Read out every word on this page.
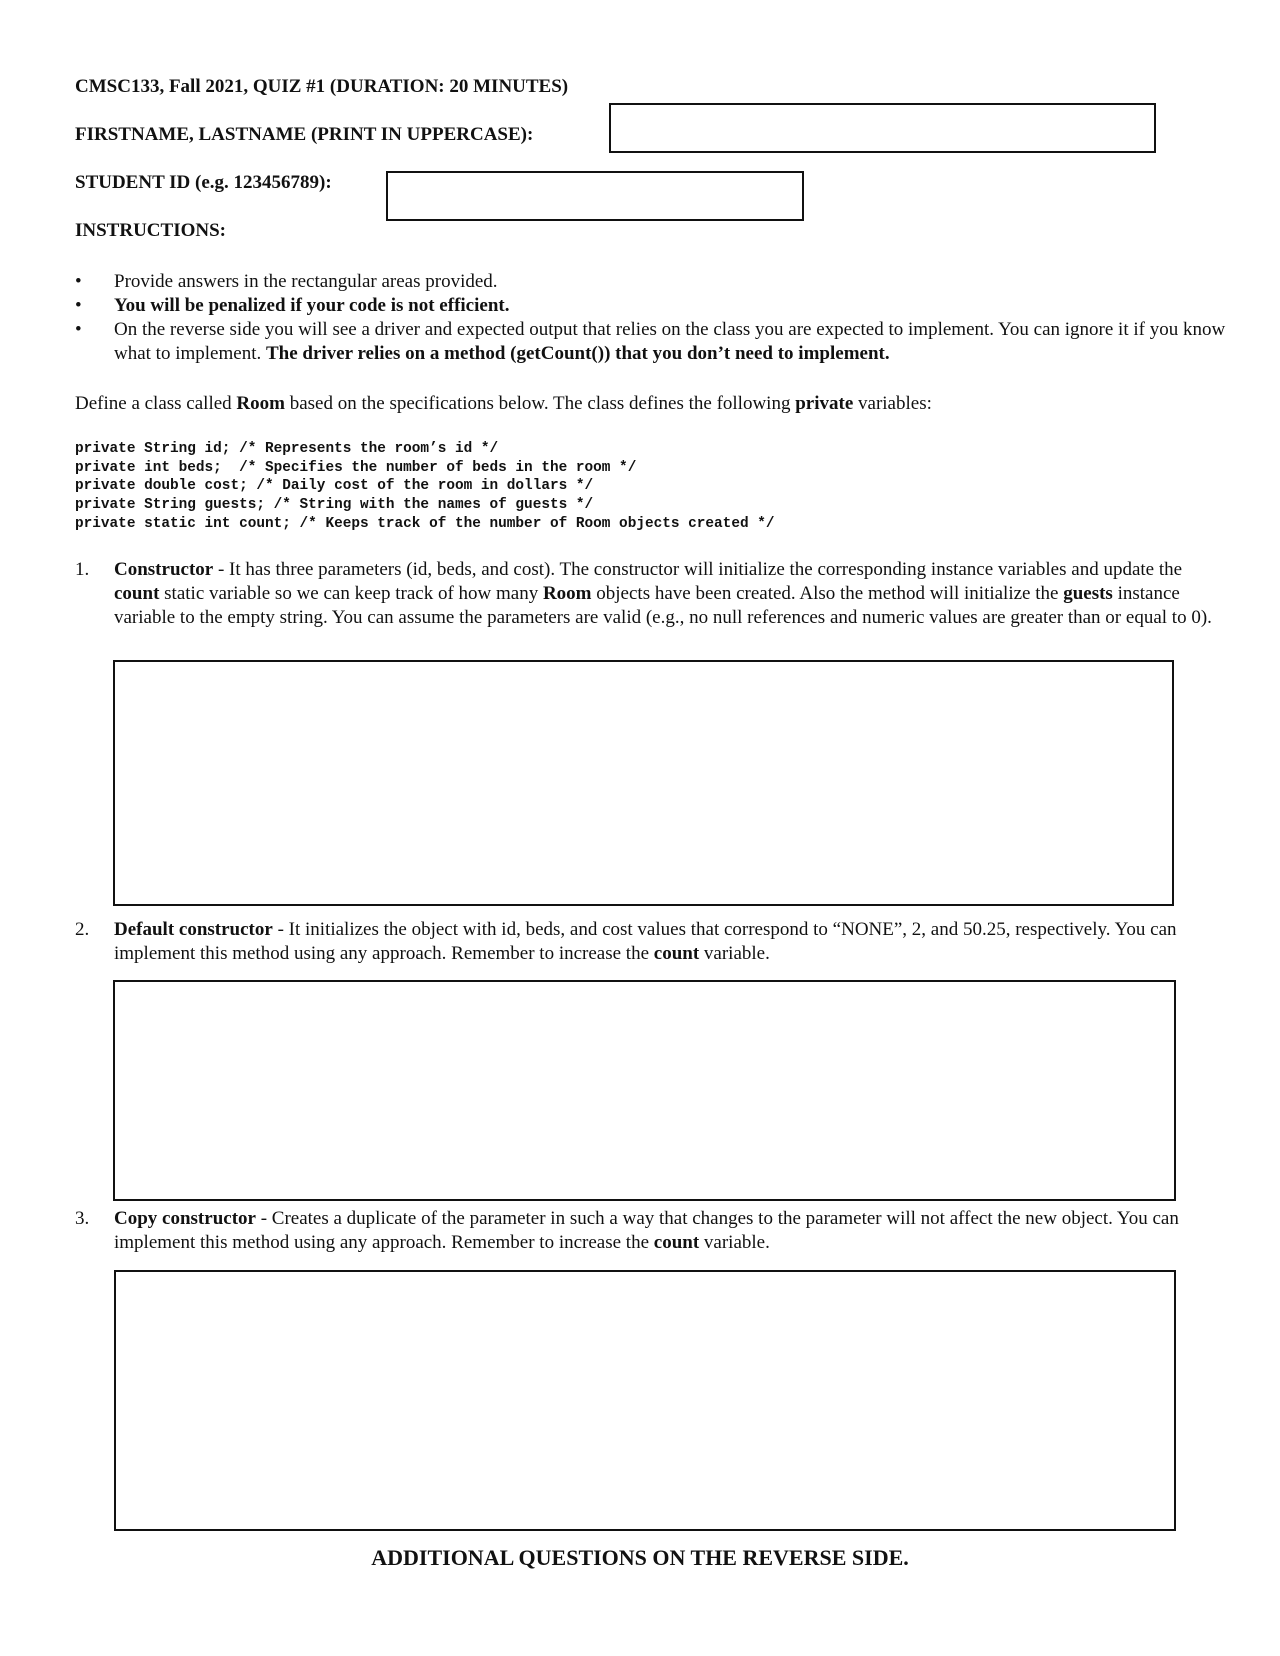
CMSC133, Fall 2021, QUIZ #1 (DURATION: 20 MINUTES)
FIRSTNAME, LASTNAME (PRINT IN UPPERCASE):
STUDENT ID (e.g. 123456789):
INSTRUCTIONS:
•	Provide answers in the rectangular areas provided.
•	You will be penalized if your code is not efficient.
•	On the reverse side you will see a driver and expected output that relies on the class you are expected to implement. You can ignore it if you know what to implement. The driver relies on a method (getCount()) that you don’t need to implement.
Define a class called Room based on the specifications below. The class defines the following private variables:
private String id; /* Represents the room’s id */
private int beds;  /* Specifies the number of beds in the room */
private double cost; /* Daily cost of the room in dollars */
private String guests; /* String with the names of guests */
private static int count; /* Keeps track of the number of Room objects created */
1. Constructor - It has three parameters (id, beds, and cost). The constructor will initialize the corresponding instance variables and update the count static variable so we can keep track of how many Room objects have been created. Also the method will initialize the guests instance variable to the empty string. You can assume the parameters are valid (e.g., no null references and numeric values are greater than or equal to 0).
2. Default constructor - It initializes the object with id, beds, and cost values that correspond to “NONE”, 2, and 50.25, respectively. You can implement this method using any approach. Remember to increase the count variable.
3. Copy constructor - Creates a duplicate of the parameter in such a way that changes to the parameter will not affect the new object. You can implement this method using any approach. Remember to increase the count variable.
ADDITIONAL QUESTIONS ON THE REVERSE SIDE.
